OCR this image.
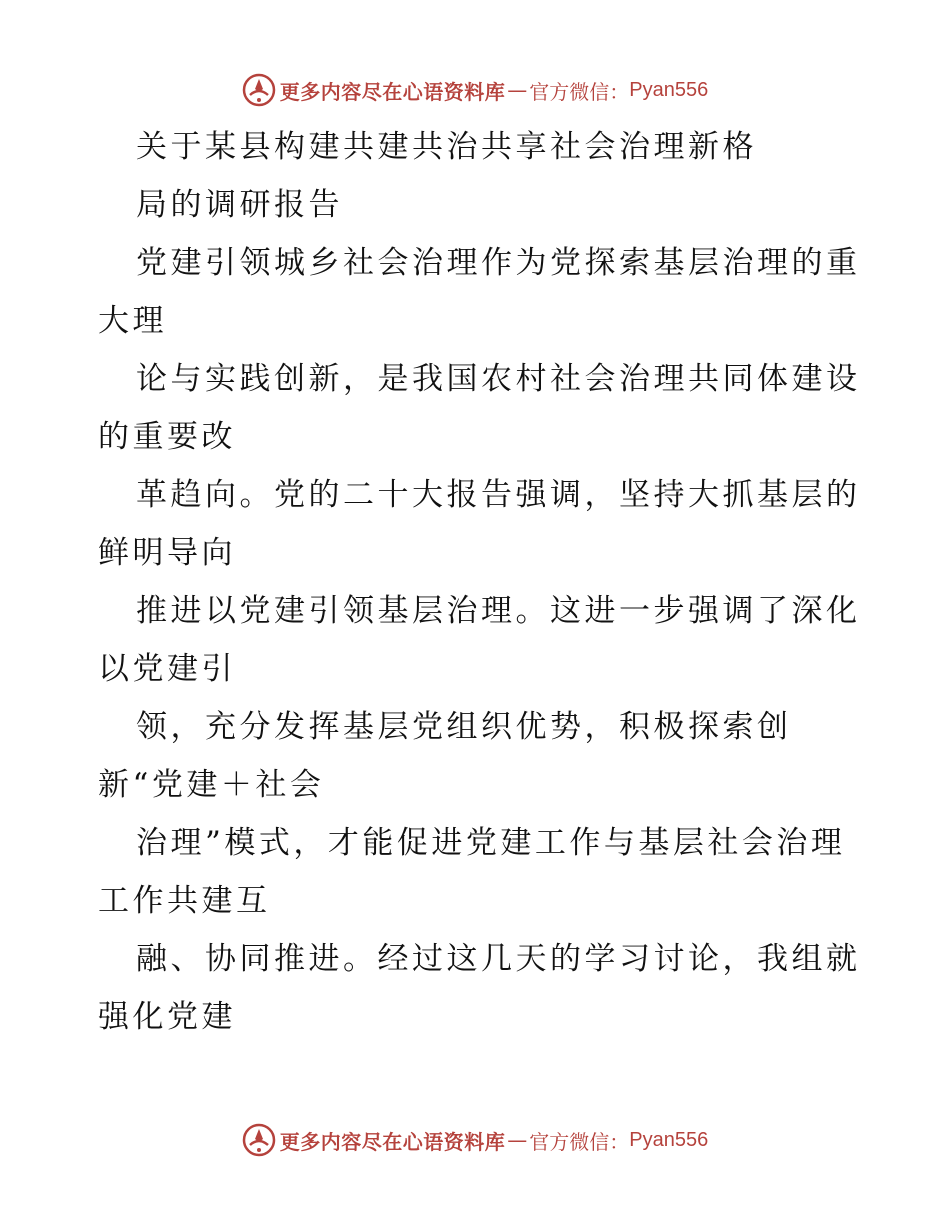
更多内容尽在心语资料库 — 官方微信： Pyan556
关于某县构建共建共治共享社会治理新格
局的调研报告
党建引领城乡社会治理作为党探索基层治理的重
大理
论与实践创新，是我国农村社会治理共同体建设
的重要改
革趋向。党的二十大报告强调，坚持大抓基层的
鲜明导向
推进以党建引领基层治理。这进一步强调了深化
以党建引
领，充分发挥基层党组织优势，积极探索创
新“党建＋社会
治理”模式，才能促进党建工作与基层社会治理
工作共建互
融、协同推进。经过这几天的学习讨论，我组就
强化党建
更多内容尽在心语资料库 — 官方微信： Pyan556
